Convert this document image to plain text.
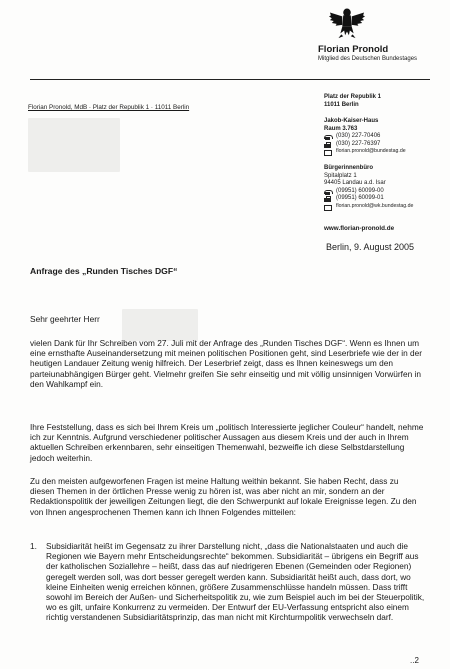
Florian Pronold
Mitglied des Deutschen Bundestages
Florian Pronold, MdB · Platz der Republik 1 · 11011 Berlin
Platz der Republik 1
11011 Berlin
Jakob-Kaiser-Haus
Raum 3.763
(030) 227-70406
(030) 227-76397
florian.pronold@bundestag.de
Bürgerinnenbüro
Spitalplatz 1
94405 Landau a.d. Isar
(09951) 60099-00
(09951) 60099-01
florian.pronold@wk.bundestag.de
www.florian-pronold.de
Berlin, 9. August 2005
Anfrage des „Runden Tisches DGF“
Sehr geehrter Herr

vielen Dank für Ihr Schreiben vom 27. Juli mit der Anfrage des „Runden Tisches DGF“. Wenn es Ihnen um eine ernsthafte Auseinandersetzung mit meinen politischen Positionen geht, sind Leserbriefe wie der in der heutigen Landauer Zeitung wenig hilfreich. Der Leserbrief zeigt, dass es Ihnen keineswegs um den parteiunabhängigen Bürger geht. Vielmehr greifen Sie sehr einseitig und mit völlig unsinnigen Vorwürfen in den Wahlkampf ein.

Ihre Feststellung, dass es sich bei Ihrem Kreis um „politisch Interessierte jeglicher Couleur“ handelt, nehme ich zur Kenntnis. Aufgrund verschiedener politischer Aussagen aus diesem Kreis und der auch in Ihrem aktuellen Schreiben erkennbaren, sehr einseitigen Themenwahl, bezweifle ich diese Selbstdarstellung jedoch weiterhin.

Zu den meisten aufgeworfenen Fragen ist meine Haltung weithin bekannt. Sie haben Recht, dass zu diesen Themen in der örtlichen Presse wenig zu hören ist, was aber nicht an mir, sondern an der Redaktionspolitik der jeweiligen Zeitungen liegt, die den Schwerpunkt auf lokale Ereignisse legen. Zu den von Ihnen angesprochenen Themen kann ich Ihnen Folgendes mitteilen:

1. Subsidiarität heißt im Gegensatz zu ihrer Darstellung nicht, „dass die Nationalstaaten und auch die Regionen wie Bayern mehr Entscheidungsrechte“ bekommen. Subsidiarität – übrigens ein Begriff aus der katholischen Soziallehre – heißt, dass das auf niedrigeren Ebenen (Gemeinden oder Regionen) geregelt werden soll, was dort besser geregelt werden kann. Subsidiarität heißt auch, dass dort, wo kleine Einheiten wenig erreichen können, größere Zusammenschlüsse handeln müssen. Dass trifft sowohl im Bereich der Außen- und Sicherheitspolitik zu, wie zum Beispiel auch im bei der Steuerpolitik, wo es gilt, unfaire Konkurrenz zu vermeiden. Der Entwurf der EU-Verfassung entspricht also einem richtig verstandenen Subsidiaritätsprinzip, das man nicht mit Kirchturmpolitik verwechseln darf.

..2
